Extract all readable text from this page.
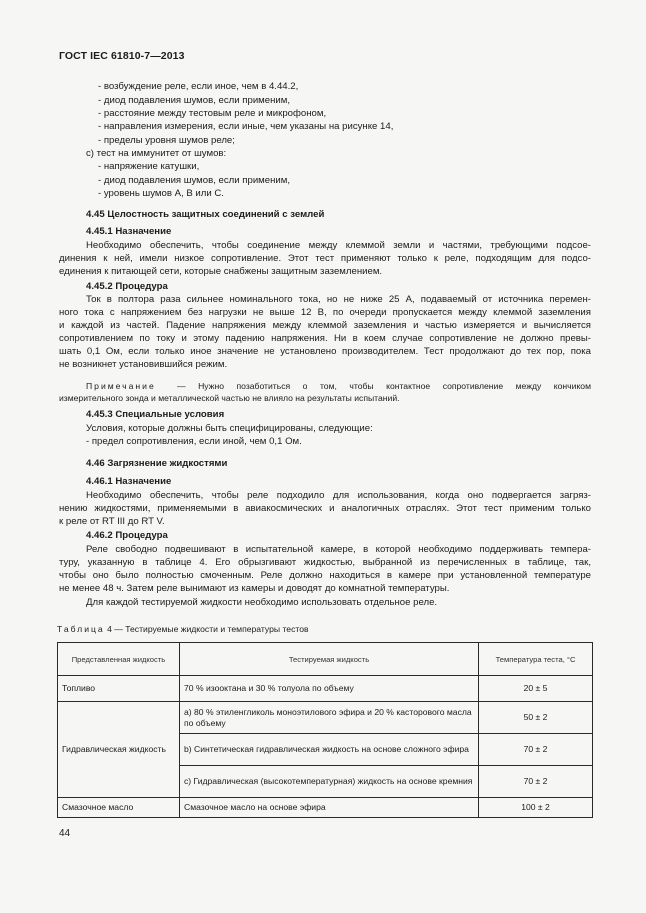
ГОСТ IEC 61810-7—2013
- возбуждение реле, если иное, чем в 4.44.2,
- диод подавления шумов, если применим,
- расстояние между тестовым реле и микрофоном,
- направления измерения, если иные, чем указаны на рисунке 14,
- пределы уровня шумов реле;
с) тест на иммунитет от шумов:
- напряжение катушки,
- диод подавления шумов, если применим,
- уровень шумов А, В или С.
4.45 Целостность защитных соединений с землей
4.45.1 Назначение
Необходимо обеспечить, чтобы соединение между клеммой земли и частями, требующими подсое-
динения к ней, имели низкое сопротивление. Этот тест применяют только к реле, подходящим для подсо-
единения к питающей сети, которые снабжены защитным заземлением.
4.45.2 Процедура
Ток в полтора раза сильнее номинального тока, но не ниже 25 А, подаваемый от источника перемен-
ного тока с напряжением без нагрузки не выше 12 В, по очереди пропускается между клеммой заземления
и каждой из частей. Падение напряжения между клеммой заземления и частью измеряется и вычисляется
сопротивлением по току и этому падению напряжения. Ни в коем случае сопротивление не должно превы-
шать 0,1 Ом, если только иное значение не установлено производителем. Тест продолжают до тех пор, пока
не возникнет установившийся режим.
Примечание — Нужно позаботиться о том, чтобы контактное сопротивление между кончиком
измерительного зонда и металлической частью не влияло на результаты испытаний.
4.45.3 Специальные условия
Условия, которые должны быть специфицированы, следующие:
- предел сопротивления, если иной, чем 0,1 Ом.
4.46 Загрязнение жидкостями
4.46.1 Назначение
Необходимо обеспечить, чтобы реле подходило для использования, когда оно подвергается загряз-
нению жидкостями, применяемыми в авиакосмических и аналогичных отраслях. Этот тест применим только
к реле от RT III до RT V.
4.46.2 Процедура
Реле свободно подвешивают в испытательной камере, в которой необходимо поддерживать темпера-
туру, указанную в таблице 4. Его обрызгивают жидкостью, выбранной из перечисленных в таблице, так,
чтобы оно было полностью смоченным. Реле должно находиться в камере при установленной температуре
не менее 48 ч. Затем реле вынимают из камеры и доводят до комнатной температуры.
Для каждой тестируемой жидкости необходимо использовать отдельное реле.
Таблица 4 — Тестируемые жидкости и температуры тестов
Представленная жидкость	Тестируемая жидкость	Температура теста, °С
Топливо	70 % изооктана и 30 % толуола по объему	20 ± 5
Гидравлическая жидкость	а) 80 % этиленгликоль моноэтилового эфира и 20 % касторового масла по объему	50 ± 2
	b) Синтетическая гидравлическая жидкость на основе сложного эфира	70 ± 2
	с) Гидравлическая (высокотемпературная) жидкость на основе кремния	70 ± 2
Смазочное масло	Смазочное масло на основе эфира	100 ± 2
44
